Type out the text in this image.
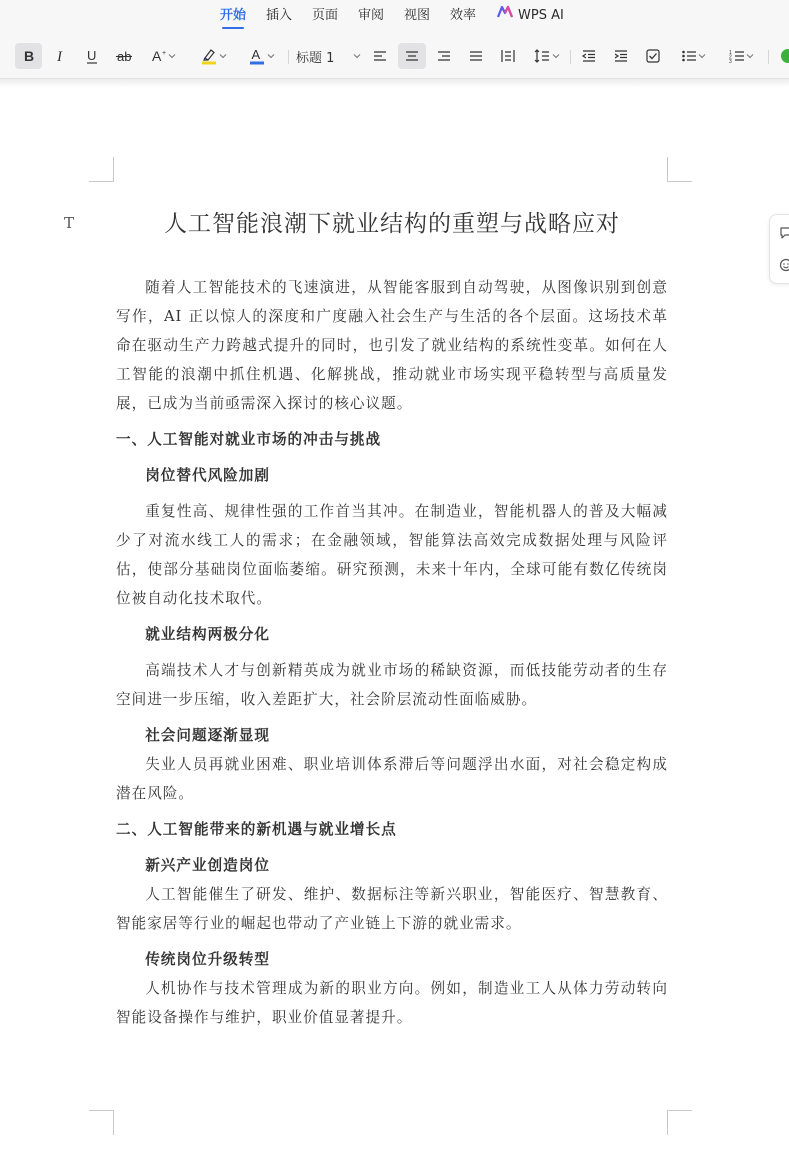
开始 插入 页面 审阅 视图 效率	WPS AI
B I U ab A +	A	标题 1	1
2
3
T	人工智能浪潮下就业结构的重塑与战略应对

随着人工智能技术的飞速演进，从智能客服到自动驾驶，从图像识别到创意写作，AI 正以惊人的深度和广度融入社会生产与生活的各个层面。这场技术革命在驱动生产力跨越式提升的同时，也引发了就业结构的系统性变革。如何在人工智能的浪潮中抓住机遇、化解挑战，推动就业市场实现平稳转型与高质量发展，已成为当前亟需深入探讨的核心议题。

一、人工智能对就业市场的冲击与挑战

岗位替代风险加剧

重复性高、规律性强的工作首当其冲。在制造业，智能机器人的普及大幅减少了对流水线工人的需求；在金融领域，智能算法高效完成数据处理与风险评估，使部分基础岗位面临萎缩。研究预测，未来十年内，全球可能有数亿传统岗位被自动化技术取代。

就业结构两极分化

高端技术人才与创新精英成为就业市场的稀缺资源，而低技能劳动者的生存空间进一步压缩，收入差距扩大，社会阶层流动性面临威胁。

社会问题逐渐显现

失业人员再就业困难、职业培训体系滞后等问题浮出水面，对社会稳定构成潜在风险。

二、人工智能带来的新机遇与就业增长点

新兴产业创造岗位

人工智能催生了研发、维护、数据标注等新兴职业，智能医疗、智慧教育、智能家居等行业的崛起也带动了产业链上下游的就业需求。

传统岗位升级转型

人机协作与技术管理成为新的职业方向。例如，制造业工人从体力劳动转向智能设备操作与维护，职业价值显著提升。
